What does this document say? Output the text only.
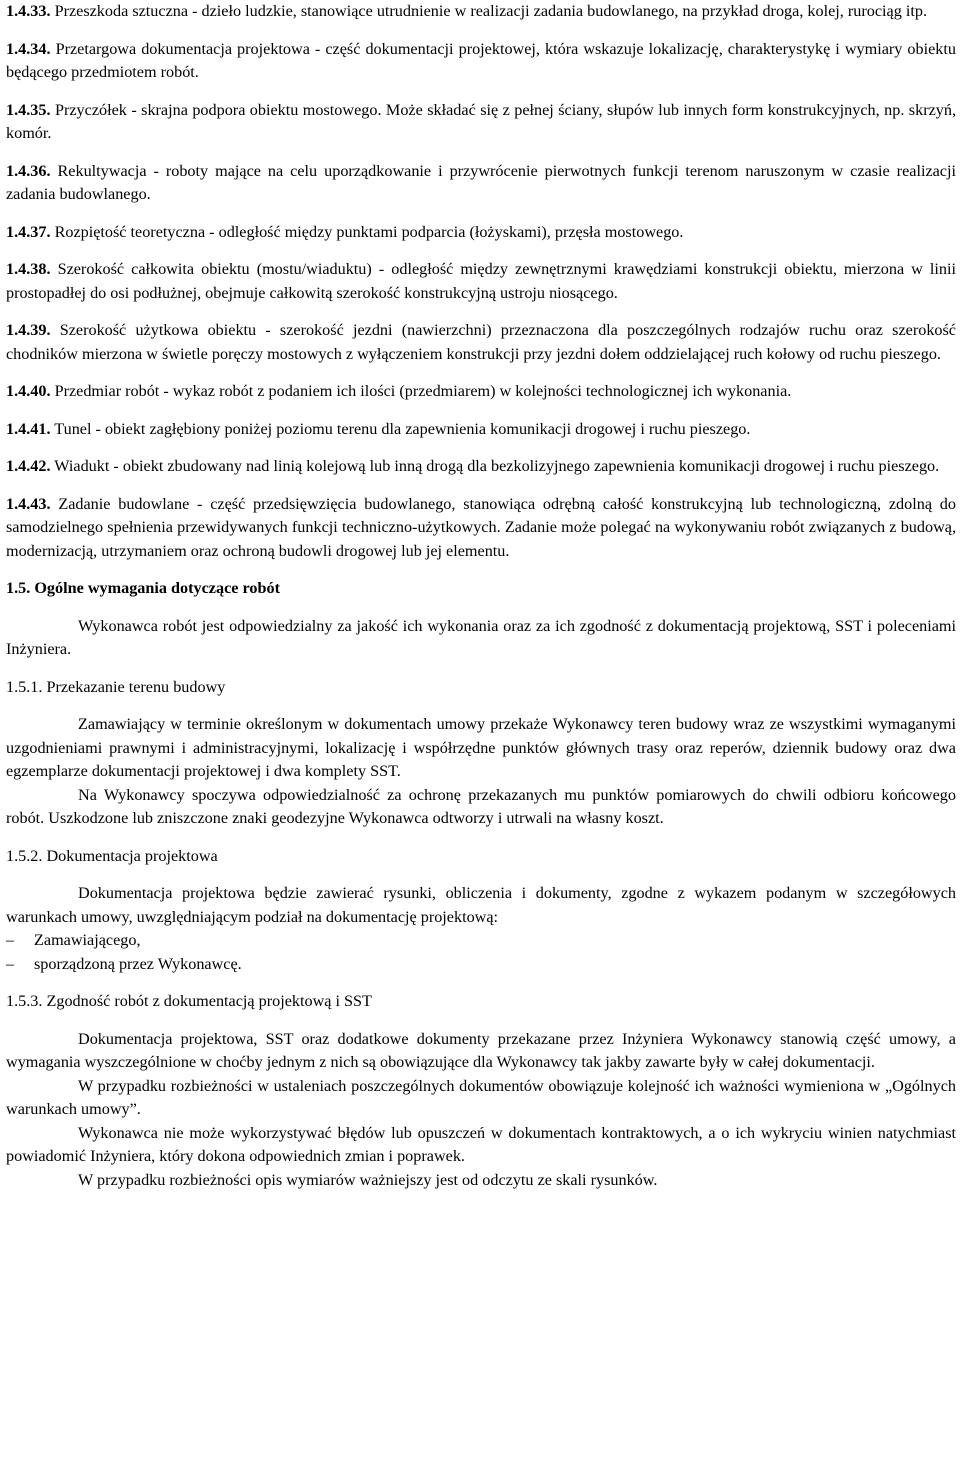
1.4.33. Przeszkoda sztuczna - dzieło ludzkie, stanowiące utrudnienie w realizacji zadania budowlanego, na przykład droga, kolej, rurociąg itp.

1.4.34. Przetargowa dokumentacja projektowa - część dokumentacji projektowej, która wskazuje lokalizację, charakterystykę i wymiary obiektu będącego przedmiotem robót.

1.4.35. Przyczółek - skrajna podpora obiektu mostowego. Może składać się z pełnej ściany, słupów lub innych form konstrukcyjnych, np. skrzyń, komór.

1.4.36. Rekultywacja - roboty mające na celu uporządkowanie i przywrócenie pierwotnych funkcji terenom naruszonym w czasie realizacji zadania budowlanego.

1.4.37. Rozpiętość teoretyczna - odległość między punktami podparcia (łożyskami), przęsła mostowego.

1.4.38. Szerokość całkowita obiektu (mostu/wiaduktu) - odległość między zewnętrznymi krawędziami konstrukcji obiektu, mierzona w linii prostopadłej do osi podłużnej, obejmuje całkowitą szerokość konstrukcyjną ustroju niosącego.

1.4.39. Szerokość użytkowa obiektu - szerokość jezdni (nawierzchni) przeznaczona dla poszczególnych rodzajów ruchu oraz szerokość chodników mierzona w świetle poręczy mostowych z wyłączeniem konstrukcji przy jezdni dołem oddzielającej ruch kołowy od ruchu pieszego.

1.4.40. Przedmiar robót - wykaz robót z podaniem ich ilości (przedmiarem) w kolejności technologicznej ich wykonania.

1.4.41. Tunel - obiekt zagłębiony poniżej poziomu terenu dla zapewnienia komunikacji drogowej i ruchu pieszego.

1.4.42. Wiadukt - obiekt zbudowany nad linią kolejową lub inną drogą dla bezkolizyjnego zapewnienia komunikacji drogowej i ruchu pieszego.

1.4.43. Zadanie budowlane - część przedsięwzięcia budowlanego, stanowiąca odrębną całość konstrukcyjną lub technologiczną, zdolną do samodzielnego spełnienia przewidywanych funkcji techniczno-użytkowych. Zadanie może polegać na wykonywaniu robót związanych z budową, modernizacją, utrzymaniem oraz ochroną budowli drogowej lub jej elementu.

1.5. Ogólne wymagania dotyczące robót

Wykonawca robót jest odpowiedzialny za jakość ich wykonania oraz za ich zgodność z dokumentacją projektową, SST i poleceniami Inżyniera.

1.5.1. Przekazanie terenu budowy

Zamawiający w terminie określonym w dokumentach umowy przekaże Wykonawcy teren budowy wraz ze wszystkimi wymaganymi uzgodnieniami prawnymi i administracyjnymi, lokalizację i współrzędne punktów głównych trasy oraz reperów, dziennik budowy oraz dwa egzemplarze dokumentacji projektowej i dwa komplety SST.

Na Wykonawcy spoczywa odpowiedzialność za ochronę przekazanych mu punktów pomiarowych do chwili odbioru końcowego robót. Uszkodzone lub zniszczone znaki geodezyjne Wykonawca odtworzy i utrwali na własny koszt.

1.5.2. Dokumentacja projektowa

Dokumentacja projektowa będzie zawierać rysunki, obliczenia i dokumenty, zgodne z wykazem podanym w szczegółowych warunkach umowy, uwzględniającym podział na dokumentację projektową:

– Zamawiającego,
– sporządzoną przez Wykonawcę.

1.5.3. Zgodność robót z dokumentacją projektową i SST

Dokumentacja projektowa, SST oraz dodatkowe dokumenty przekazane przez Inżyniera Wykonawcy stanowią część umowy, a wymagania wyszczególnione w choćby jednym z nich są obowiązujące dla Wykonawcy tak jakby zawarte były w całej dokumentacji.

W przypadku rozbieżności w ustaleniach poszczególnych dokumentów obowiązuje kolejność ich ważności wymieniona w „Ogólnych warunkach umowy”.

Wykonawca nie może wykorzystywać błędów lub opuszczeń w dokumentach kontraktowych, a o ich wykryciu winien natychmiast powiadomić Inżyniera, który dokona odpowiednich zmian i poprawek.

W przypadku rozbieżności opis wymiarów ważniejszy jest od odczytu ze skali rysunków.
